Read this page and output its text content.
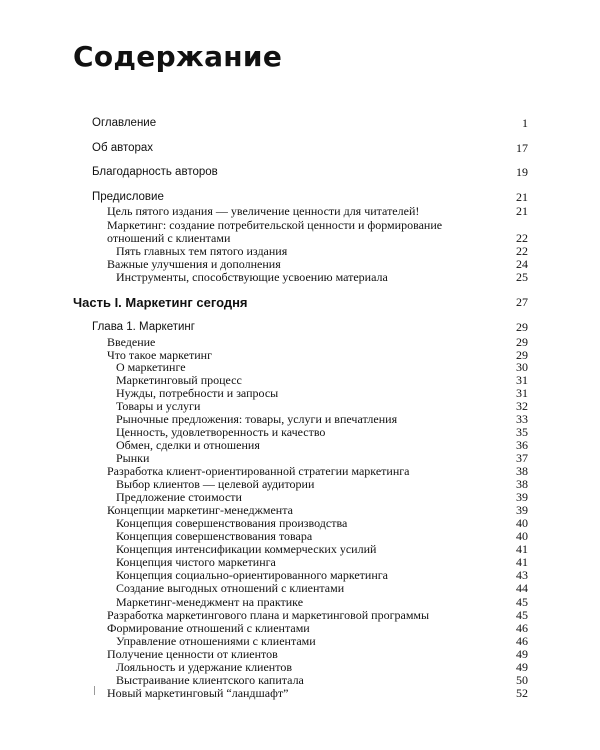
Содержание
Оглавление	1
Об авторах	17
Благодарность авторов	19
Предисловие	21
Цель пятого издания — увеличение ценности для читателей!	21
Маркетинг: создание потребительской ценности и формирование
отношений с клиентами	22
Пять главных тем пятого издания	22
Важные улучшения и дополнения	24
Инструменты, способствующие усвоению материала	25
Часть I. Маркетинг сегодня	27
Глава 1. Маркетинг	29
Введение	29
Что такое маркетинг	29
О маркетинге	30
Маркетинговый процесс	31
Нужды, потребности и запросы	31
Товары и услуги	32
Рыночные предложения: товары, услуги и впечатления	33
Ценность, удовлетворенность и качество	35
Обмен, сделки и отношения	36
Рынки	37
Разработка клиент-ориентированной стратегии маркетинга	38
Выбор клиентов — целевой аудитории	38
Предложение стоимости	39
Концепции маркетинг-менеджмента	39
Концепция совершенствования производства	40
Концепция совершенствования товара	40
Концепция интенсификации коммерческих усилий	41
Концепция чистого маркетинга	41
Концепция социально-ориентированного маркетинга	43
Создание выгодных отношений с клиентами	44
Маркетинг-менеджмент на практике	45
Разработка маркетингового плана и маркетинговой программы	45
Формирование отношений с клиентами	46
Управление отношениями с клиентами	46
Получение ценности от клиентов	49
Лояльность и удержание клиентов	49
Выстраивание клиентского капитала	50
Новый маркетинговый “ландшафт”	52
